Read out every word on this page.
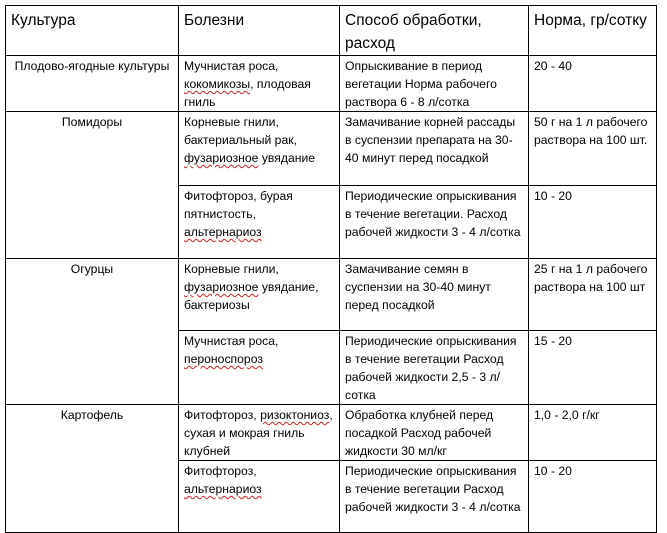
Культура	Болезни	Способ обработки, расход	Норма, гр/сотку
Плодово-ягодные культуры	Мучнистая роса, кокомикозы, плодовая гниль	Опрыскивание в период вегетации Норма рабочего раствора 6 - 8 л/сотка	20 - 40
Помидоры	Корневые гнили, бактериальный рак, фузариозное увядание	Замачивание корней рассады в суспензии препарата на 30-40 минут перед посадкой	50 г на 1 л рабочего раствора на 100 шт.
	Фитофтороз, бурая пятнистость, альтернариоз	Периодические опрыскивания в течение вегетации. Расход рабочей жидкости 3 - 4 л/сотка	10 - 20
Огурцы	Корневые гнили, фузариозное увядание, бактериозы	Замачивание семян в суспензии на 30-40 минут перед посадкой	25 г на 1 л рабочего раствора на 100 шт
	Мучнистая роса, пероноспороз	Периодические опрыскивания в течение вегетации Расход рабочей жидкости 2,5 - 3 л/сотка	15 - 20
Картофель	Фитофтороз, ризоктониоз, сухая и мокрая гниль клубней	Обработка клубней перед посадкой Расход рабочей жидкости 30 мл/кг	1,0 - 2,0 г/кг
	Фитофтороз, альтернариоз	Периодические опрыскивания в течение вегетации Расход рабочей жидкости 3 - 4 л/сотка	10 - 20
